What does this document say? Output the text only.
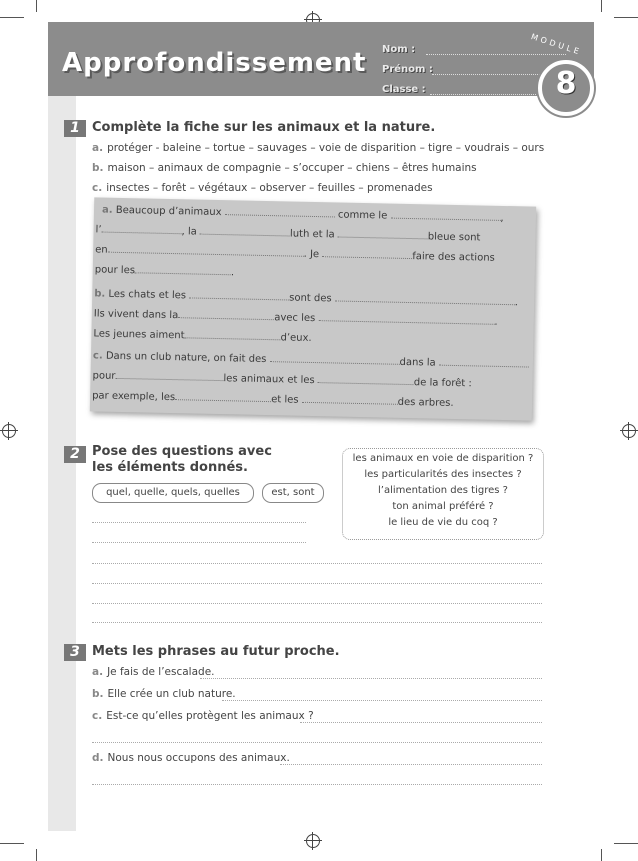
Approfondissement Nom :
Prénom :
Classe :
MODULE
8
1 Complète la fiche sur les animaux et la nature.
a. protéger - baleine – tortue – sauvages – voie de disparition – tigre – voudrais – ours
b. maison – animaux de compagnie – s’occuper – chiens – êtres humains
c. insectes – forêt – végétaux – observer – feuilles – promenades
a. Beaucoup d’animaux	comme le	,
l’	, la	luth et la	bleue sont
en	. Je	faire des actions
pour les	.
b. Les chats et les	sont des	.
Ils vivent dans la	avec les	.
Les jeunes aiment	d’eux.
c. Dans un club nature, on fait des	dans la
pour	les animaux et les	de la forêt :
par exemple, les	et les	des arbres.
2 Pose des questions avec
les éléments donnés.
quel, quelle, quels, quelles	est, sont
les animaux en voie de disparition ?
les particularités des insectes ?
l’alimentation des tigres ?
ton animal préféré ?
le lieu de vie du coq ?
3 Mets les phrases au futur proche.
a. Je fais de l’escalade.
b. Elle crée un club nature.
c. Est-ce qu’elles protègent les animaux ?
d. Nous nous occupons des animaux.
